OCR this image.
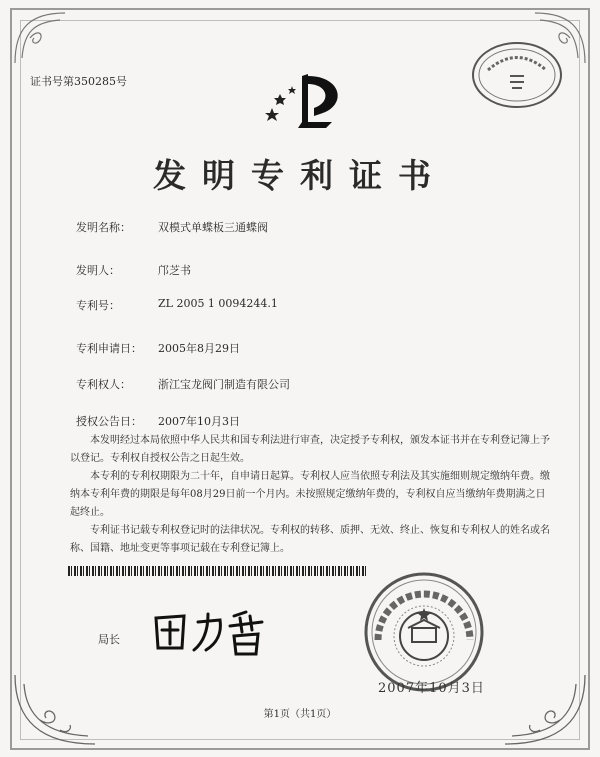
证书号第350285号
发明专利证书
发明名称：	双模式单蝶板三通蝶阀
发明人：	邝芝书
专利号：	ZL 2005 1 0094244.1
专利申请日：	2005年8月29日
专利权人：	浙江宝龙阀门制造有限公司
授权公告日：	2007年10月3日

本发明经过本局依照中华人民共和国专利法进行审查，决定授予专利权，颁发本证书并在专利登记簿上予以登记。专利权自授权公告之日起生效。

本专利的专利权期限为二十年，自申请日起算。专利权人应当依照专利法及其实施细则规定缴纳年费。缴纳本专利年费的期限是每年08月29日前一个月内。未按照规定缴纳年费的，专利权自应当缴纳年费期满之日起终止。

专利证书记载专利权登记时的法律状况。专利权的转移、质押、无效、终止、恢复和专利权人的姓名或名称、国籍、地址变更等事项记载在专利登记簿上。

局长
2007年10月3日
第1页（共1页）
